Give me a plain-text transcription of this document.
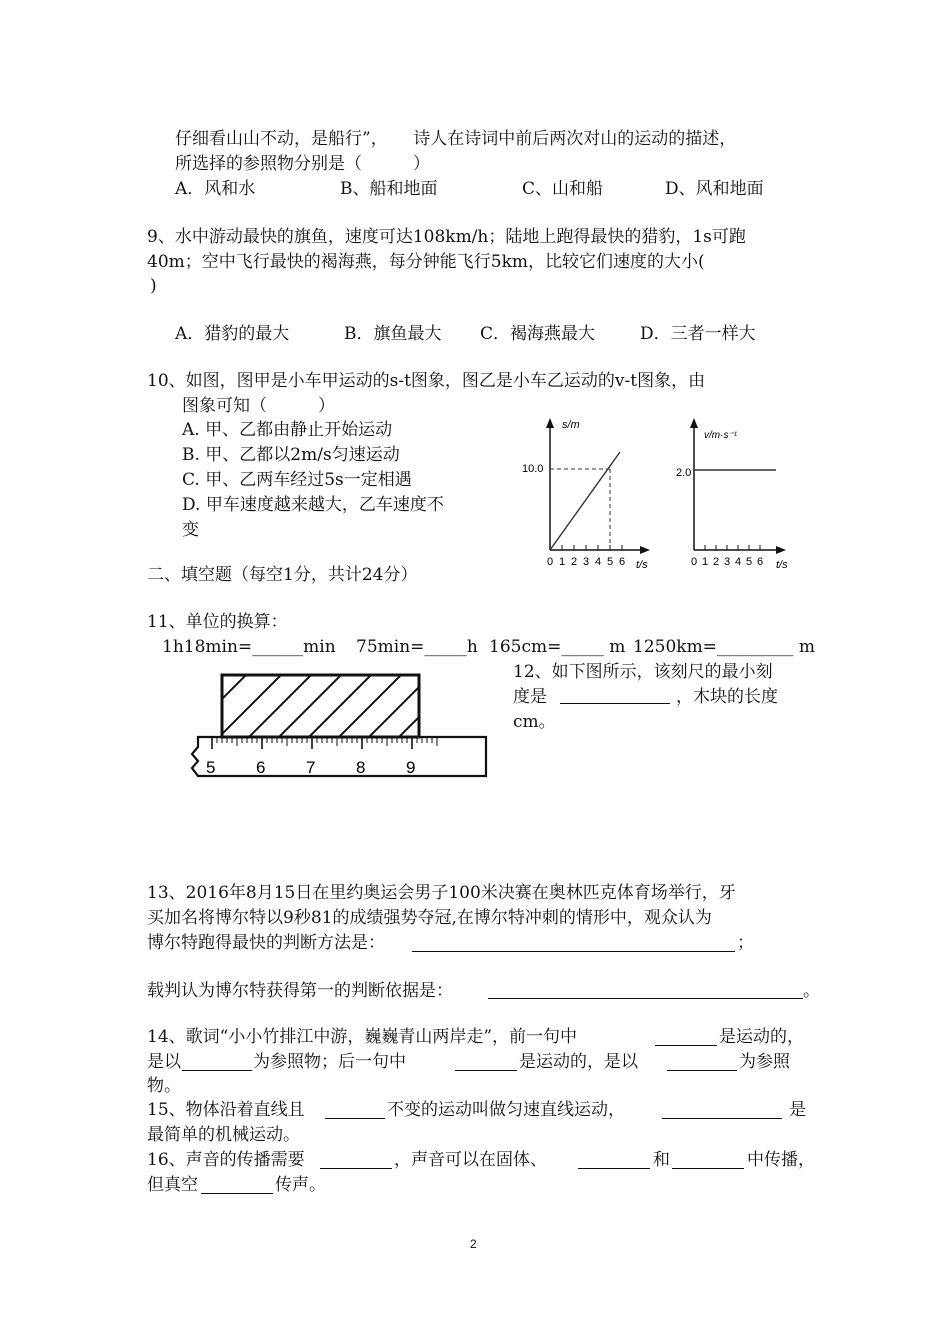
仔细看山山不动，是船行”，　　诗人在诗词中前后两次对山的运动的描述，
所选择的参照物分别是（　　　）
A．风和水	B、船和地面	C、山和船	D、风和地面
9、水中游动最快的旗鱼，速度可达108km/h；陆地上跑得最快的猎豹，1s可跑
40m；空中飞行最快的褐海燕，每分钟能飞行5km，比较它们速度的大小(
)
A．猎豹的最大	B．旗鱼最大 C．褐海燕最大	D．三者一样大
10、如图，图甲是小车甲运动的s-t图象，图乙是小车乙运动的v-t图象，由
图象可知（　　　）
A. 甲、乙都由静止开始运动
B. 甲、乙都以2m/s匀速运动
C. 甲、乙两车经过5s一定相遇
D. 甲车速度越来越大，乙车速度不
变
s/m
10.0
0 1 2 3 4 5 6 t/s
v/m·s⁻¹
2.0
0 1 2 3 4 5 6 t/s
二、填空题（每空1分，共计24分）
11、单位的换算：
1h18min=______min 75min=_____h 165cm=_____ m 1250km=_________ m
12、如下图所示，该刻尺的最小刻
度是	，木块的长度
cm。
5 6 7 8 9
13、2016年8月15日在里约奥运会男子100米决赛在奥林匹克体育场举行，牙
买加名将博尔特以9秒81的成绩强势夺冠,在博尔特冲刺的情形中，观众认为
博尔特跑得最快的判断方法是：	；
载判认为博尔特获得第一的判断依据是：	。
14、歌词“小小竹排江中游，巍巍青山两岸走”，前一句中	是运动的，
是以	为参照物；后一句中	是运动的，是以	为参照
物。
15、物体沿着直线且	不变的运动叫做匀速直线运动，	是
最简单的机械运动。
16、声音的传播需要	，声音可以在固体、	和	中传播，
但真空	传声。
2
